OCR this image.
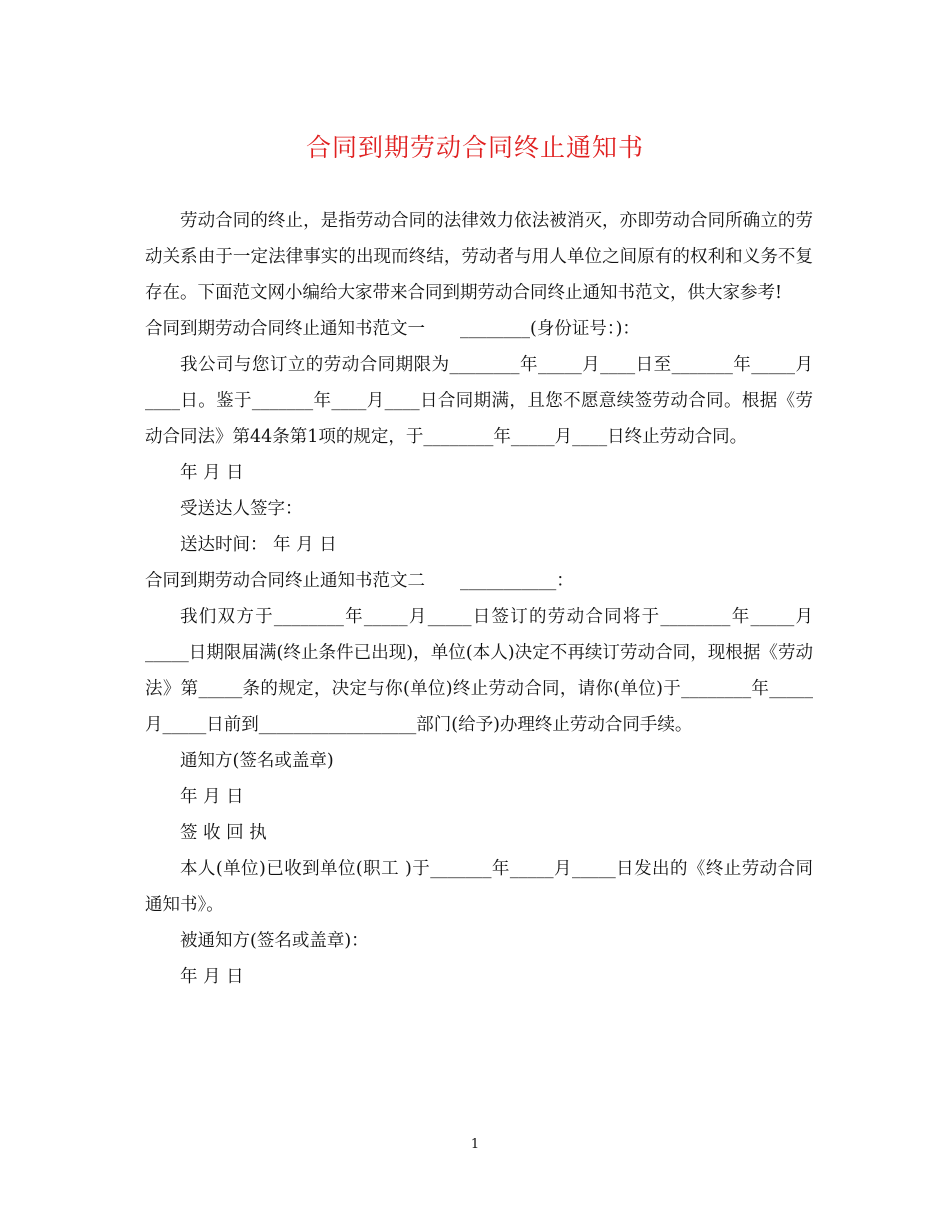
合同到期劳动合同终止通知书

劳动合同的终止，是指劳动合同的法律效力依法被消灭，亦即劳动合同所确立的劳动关系由于一定法律事实的出现而终结，劳动者与用人单位之间原有的权利和义务不复存在。下面范文网小编给大家带来合同到期劳动合同终止通知书范文，供大家参考!

合同到期劳动合同终止通知书范文一　　________(身份证号：)：

我公司与您订立的劳动合同期限为________年_____月____日至_______年_____月____日。鉴于_______年____月____日合同期满，且您不愿意续签劳动合同。根据《劳动合同法》第44条第1项的规定，于________年_____月____日终止劳动合同。

年 月 日

受送达人签字：

送达时间： 年 月 日

合同到期劳动合同终止通知书范文二　　___________：

我们双方于________年_____月_____日签订的劳动合同将于________年_____月_____日期限届满(终止条件已出现)，单位(本人)决定不再续订劳动合同，现根据《劳动法》第_____条的规定，决定与你(单位)终止劳动合同，请你(单位)于________年_____月_____日前到__________________部门(给予)办理终止劳动合同手续。

通知方(签名或盖章)

年 月 日

签 收 回 执

本人(单位)已收到单位(职工 )于_______年_____月_____日发出的《终止劳动合同通知书》。

被通知方(签名或盖章)：

年 月 日

1
